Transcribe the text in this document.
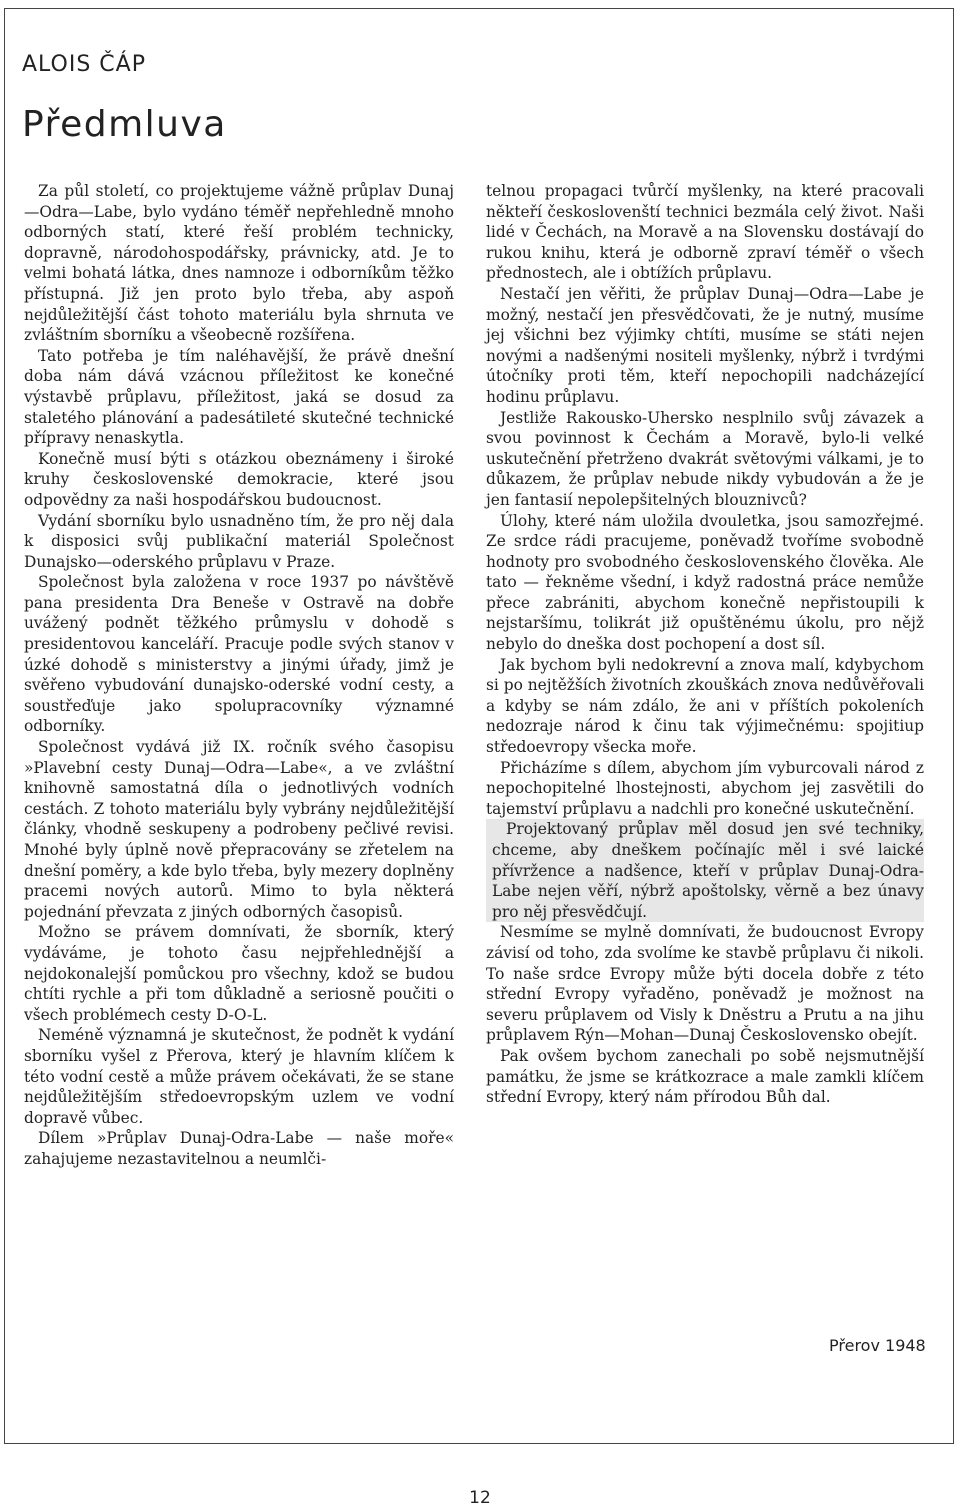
ALOIS ČÁP
Předmluva

Za půl století, co projektujeme vážně průplav Dunaj—Odra—Labe, bylo vydáno téměř nepřehledně mnoho odborných statí, které řeší problém technicky, dopravně, národohospodářsky, právnicky, atd. Je to velmi bohatá látka, dnes namnoze i odborníkům těžko přístupná. Již jen proto bylo třeba, aby aspoň nejdůležitější část tohoto materiálu byla shrnuta ve zvláštním sborníku a všeobecně rozšířena.

Tato potřeba je tím naléhavější, že právě dnešní doba nám dává vzácnou příležitost ke konečné výstavbě průplavu, příležitost, jaká se dosud za staletého plánování a padesátileté skutečné technické přípravy nenaskytla.

Konečně musí býti s otázkou obeznámeny i široké kruhy československé demokracie, které jsou odpovědny za naši hospodářskou budoucnost.

Vydání sborníku bylo usnadněno tím, že pro něj dala k disposici svůj publikační materiál Společnost Dunajsko—oderského průplavu v Praze.

Společnost byla založena v roce 1937 po návštěvě pana presidenta Dra Beneše v Ostravě na dobře uvážený podnět těžkého průmyslu v dohodě s presidentovou kanceláří. Pracuje podle svých stanov v úzké dohodě s ministerstvy a jinými úřady, jimž je svěřeno vybudování dunajsko-oderské vodní cesty, a soustřeďuje jako spolupracovníky významné odborníky.

Společnost vydává již IX. ročník svého časopisu »Plavební cesty Dunaj—Odra—Labe«, a ve zvláštní knihovně samostatná díla o jednotlivých vodních cestách. Z tohoto materiálu byly vybrány nejdůležitější články, vhodně seskupeny a podrobeny pečlivé revisi. Mnohé byly úplně nově přepracovány se zřetelem na dnešní poměry, a kde bylo třeba, byly mezery doplněny pracemi nových autorů. Mimo to byla některá pojednání převzata z jiných odborných časopisů.

Možno se právem domnívati, že sborník, který vydáváme, je tohoto času nejpřehlednější a nejdokonalejší pomůckou pro všechny, kdož se budou chtíti rychle a při tom důkladně a seriosně poučiti o všech problémech cesty D-O-L.

Neméně významná je skutečnost, že podnět k vydání sborníku vyšel z Přerova, který je hlavním klíčem k této vodní cestě a může právem očekávati, že se stane nejdůležitějším středoevropským uzlem ve vodní dopravě vůbec.

Dílem »Průplav Dunaj-Odra-Labe — naše moře« zahajujeme nezastavitelnou a neumlči-

telnou propagaci tvůrčí myšlenky, na které pracovali někteří českoslovenští technici bezmála celý život. Naši lidé v Čechách, na Moravě a na Slovensku dostávají do rukou knihu, která je odborně zpraví téměř o všech přednostech, ale i obtížích průplavu.

Nestačí jen věřiti, že průplav Dunaj—Odra—Labe je možný, nestačí jen přesvědčovati, že je nutný, musíme jej všichni bez výjimky chtíti, musíme se státi nejen novými a nadšenými nositeli myšlenky, nýbrž i tvrdými útočníky proti těm, kteří nepochopili nadcházející hodinu průplavu.

Jestliže Rakousko-Uhersko nesplnilo svůj závazek a svou povinnost k Čechám a Moravě, bylo-li velké uskutečnění přetrženo dvakrát světovými válkami, je to důkazem, že průplav nebude nikdy vybudován a že je jen fantasií nepolepšitelných blouznivců?

Úlohy, které nám uložila dvouletka, jsou samozřejmé. Ze srdce rádi pracujeme, poněvadž tvoříme svobodně hodnoty pro svobodného československého člověka. Ale tato — řekněme všední, i když radostná práce nemůže přece zabrániti, abychom konečně nepřistoupili k nejstaršímu, tolikrát již opuštěnému úkolu, pro nějž nebylo do dneška dost pochopení a dost síl.

Jak bychom byli nedokrevní a znova malí, kdybychom si po nejtěžších životních zkouškách znova nedůvěřovali a kdyby se nám zdálo, že ani v příštích pokoleních nedozraje národ k činu tak výjimečnému: spojitiup středoevropy všecka moře.

Přicházíme s dílem, abychom jím vyburcovali národ z nepochopitelné lhostejnosti, abychom jej zasvětili do tajemství průplavu a nadchli pro konečné uskutečnění.

Projektovaný průplav měl dosud jen své techniky, chceme, aby dneškem počínajíc měl i své laické přívržence a nadšence, kteří v průplav Dunaj-Odra-Labe nejen věří, nýbrž apoštolsky, věrně a bez únavy pro něj přesvědčují.

Nesmíme se mylně domnívati, že budoucnost Evropy závisí od toho, zda svolíme ke stavbě průplavu či nikoli. To naše srdce Evropy může býti docela dobře z této střední Evropy vyřaděno, poněvadž je možnost na severu průplavem od Visly k Dněstru a Prutu a na jihu průplavem Rýn—Mohan—Dunaj Československo obejít.

Pak ovšem bychom zanechali po sobě nejsmutnější památku, že jsme se krátkozrace a male zamkli klíčem střední Evropy, který nám přírodou Bůh dal.

Přerov 1948
12
